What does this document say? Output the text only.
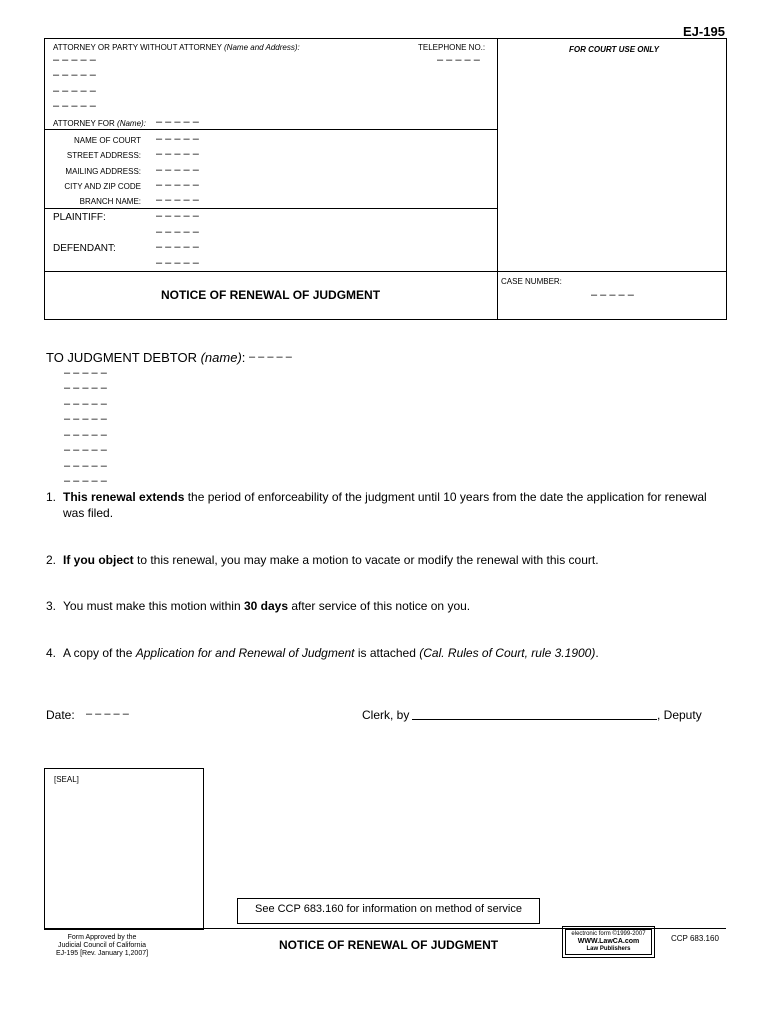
EJ-195
ATTORNEY OR PARTY WITHOUT ATTORNEY (Name and Address):	TELEPHONE NO.:	FOR COURT USE ONLY
– – – – –	– – – – –
– – – – –
– – – – –
– – – – –
ATTORNEY FOR (Name): – – – – –
NAME OF COURT – – – – –
STREET ADDRESS: – – – – –
MAILING ADDRESS: – – – – –
CITY AND ZIP CODE – – – – –
BRANCH NAME: – – – – –
PLAINTIFF:	– – – – –
– – – – –
DEFENDANT:	– – – – –
– – – – –
NOTICE OF RENEWAL OF JUDGMENT
CASE NUMBER:
– – – – –
TO JUDGMENT DEBTOR (name): – – – – –
– – – – –
– – – – –
– – – – –
– – – – –
– – – – –
– – – – –
– – – – –
– – – – –
1. This renewal extends the period of enforceability of the judgment until 10 years from the date the application for renewal
was filed.
2. If you object to this renewal, you may make a motion to vacate or modify the renewal with this court.
3. You must make this motion within 30 days after service of this notice on you.
4. A copy of the Application for and Renewal of Judgment is attached (Cal. Rules of Court, rule 3.1900).
Date: – – – – –	Clerk, by	, Deputy
[SEAL]
See CCP 683.160 for information on method of service
Form Approved by the
Judicial Council of California
EJ-195 [Rev. January 1,2007]
NOTICE OF RENEWAL OF JUDGMENT
electronic form ©1999-2007
WWW.LawCA.com
Law Publishers
CCP 683.160
